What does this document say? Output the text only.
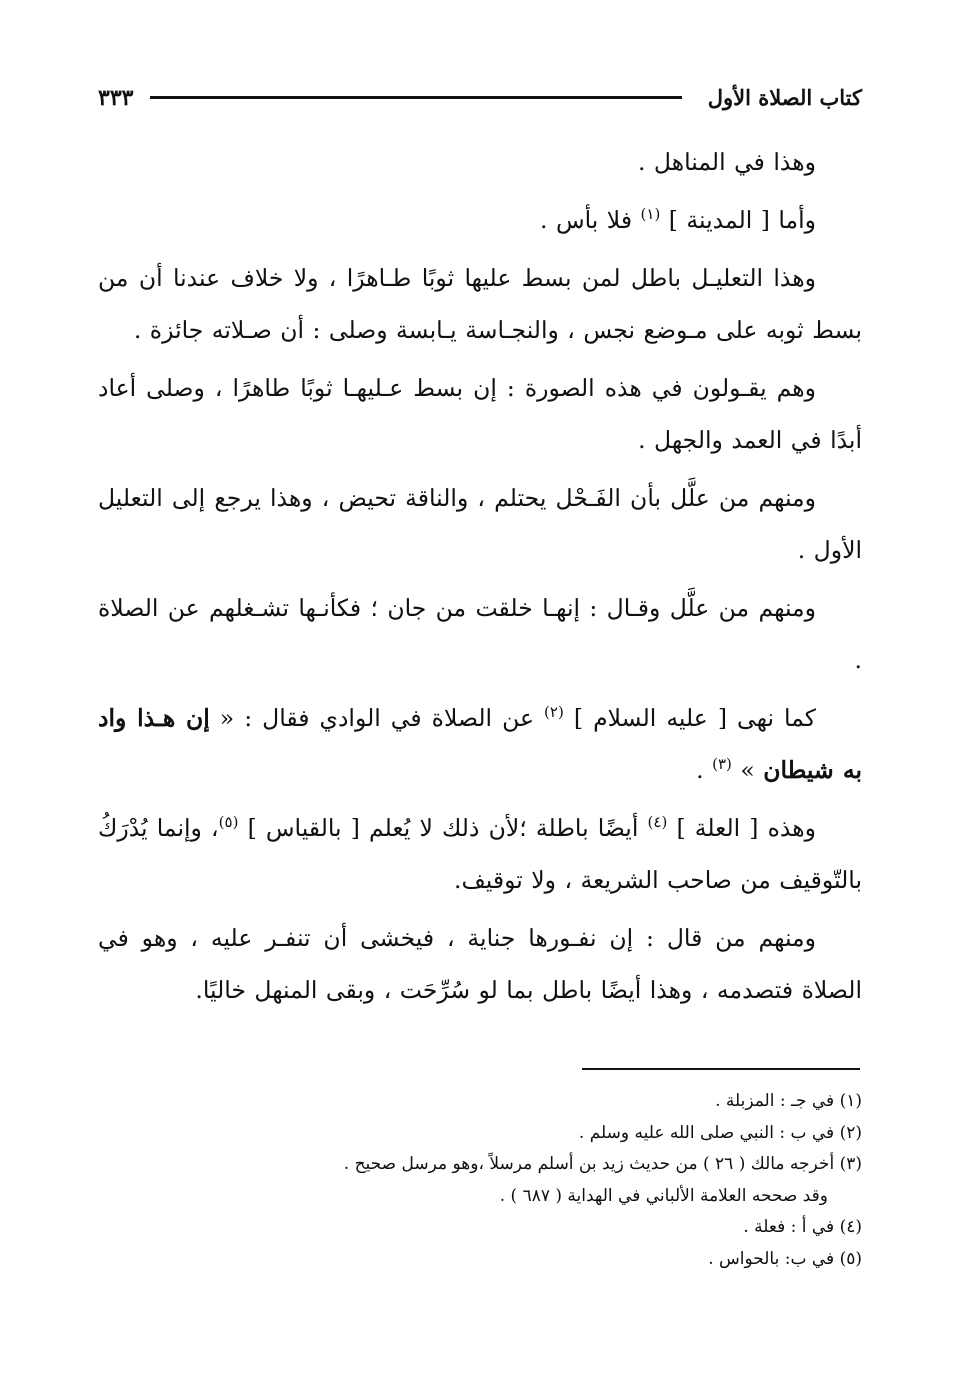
كتاب الصلاة الأول
٣٣٣

وهذا في المناهل .

وأما [ المدينة ] $^{(١)}$ فلا بأس .

وهذا التعليـل باطل لمن بسط عليها ثوبًا طـاهرًا ، ولا خلاف عندنا أن من بسط ثوبه على مـوضع نجس ، والنجـاسة يـابسة وصلى : أن صـلاته جائزة .

وهم يقـولون في هذه الصورة : إن بسط عـليهـا ثوبًا طاهرًا ، وصلى أعاد أبدًا في العمد والجهل .

ومنهم من علَّل بأن الفَـحْل يحتلم ، والناقة تحيض ، وهذا يرجع إلى التعليل الأول .

ومنهم من علَّل وقـال : إنهـا خلقت من جان ؛ فكأنـها تشـغلهم عن الصلاة .

كما نهى [ عليه السلام ] $^{(٢)}$ عن الصلاة في الوادي فقال : « إن هـذا واد به شيطان » $^{(٣)}$ .

وهذه [ العلة ] $^{(٤)}$ أيضًا باطلة ؛لأن ذلك لا يُعلم [ بالقياس ] $^{(٥)}$، وإنما يُدْرَكُ بالتّوقيف من صاحب الشريعة ، ولا توقيف.

ومنهم من قال : إن نفـورها جناية ، فيخشى أن تنفـر عليه ، وهو في الصلاة فتصدمه ، وهذا أيضًا باطل بما لو سُرِّحَت ، وبقى المنهل خاليًا.

(١) في جـ : المزبلة .
(٢) في ب : النبي صلى الله عليه وسلم .
(٣) أخرجه مالك ( ٢٦ ) من حديث زيد بن أسلم مرسلاً ،وهو مرسل صحيح .
وقد صححه العلامة الألباني في الهداية ( ٦٨٧ ) .
(٤) في أ : فعلة .
(٥) في ب: بالحواس .
